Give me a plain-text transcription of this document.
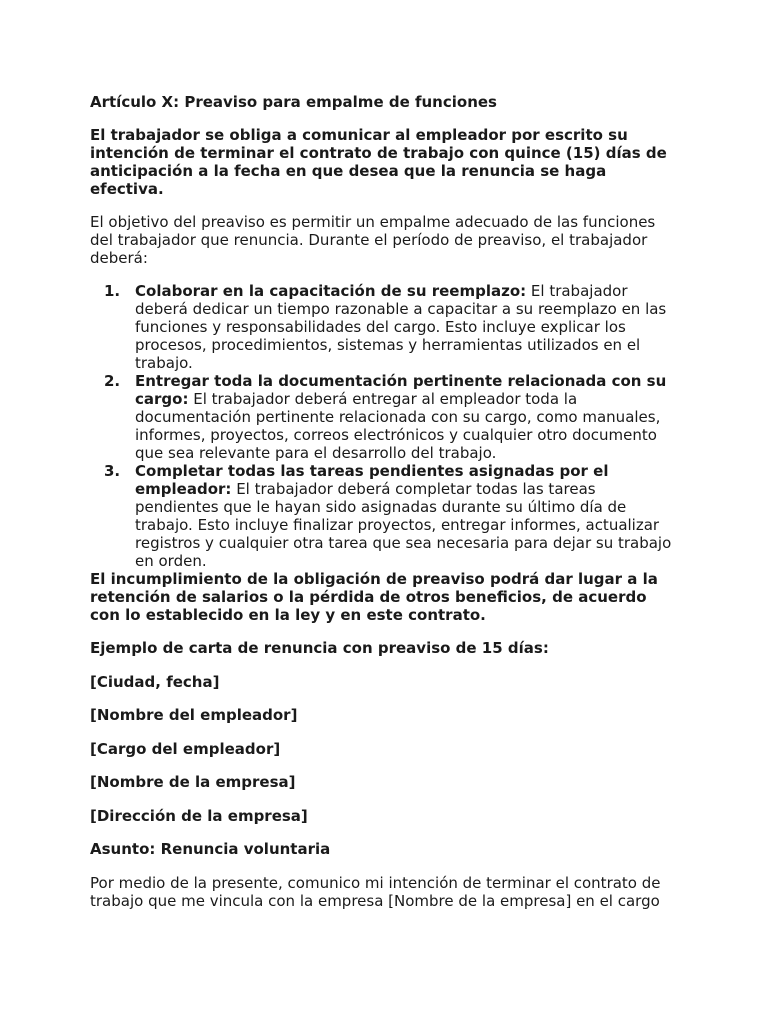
Artículo X: Preaviso para empalme de funciones

El trabajador se obliga a comunicar al empleador por escrito su intención de terminar el contrato de trabajo con quince (15) días de anticipación a la fecha en que desea que la renuncia se haga efectiva.

El objetivo del preaviso es permitir un empalme adecuado de las funciones del trabajador que renuncia. Durante el período de preaviso, el trabajador deberá:

1. Colaborar en la capacitación de su reemplazo: El trabajador deberá dedicar un tiempo razonable a capacitar a su reemplazo en las funciones y responsabilidades del cargo. Esto incluye explicar los procesos, procedimientos, sistemas y herramientas utilizados en el trabajo.
2. Entregar toda la documentación pertinente relacionada con su cargo: El trabajador deberá entregar al empleador toda la documentación pertinente relacionada con su cargo, como manuales, informes, proyectos, correos electrónicos y cualquier otro documento que sea relevante para el desarrollo del trabajo.
3. Completar todas las tareas pendientes asignadas por el empleador: El trabajador deberá completar todas las tareas pendientes que le hayan sido asignadas durante su último día de trabajo. Esto incluye finalizar proyectos, entregar informes, actualizar registros y cualquier otra tarea que sea necesaria para dejar su trabajo en orden.

El incumplimiento de la obligación de preaviso podrá dar lugar a la retención de salarios o la pérdida de otros beneficios, de acuerdo con lo establecido en la ley y en este contrato.

Ejemplo de carta de renuncia con preaviso de 15 días:

[Ciudad, fecha]

[Nombre del empleador]

[Cargo del empleador]

[Nombre de la empresa]

[Dirección de la empresa]

Asunto: Renuncia voluntaria

Por medio de la presente, comunico mi intención de terminar el contrato de trabajo que me vincula con la empresa [Nombre de la empresa] en el cargo
